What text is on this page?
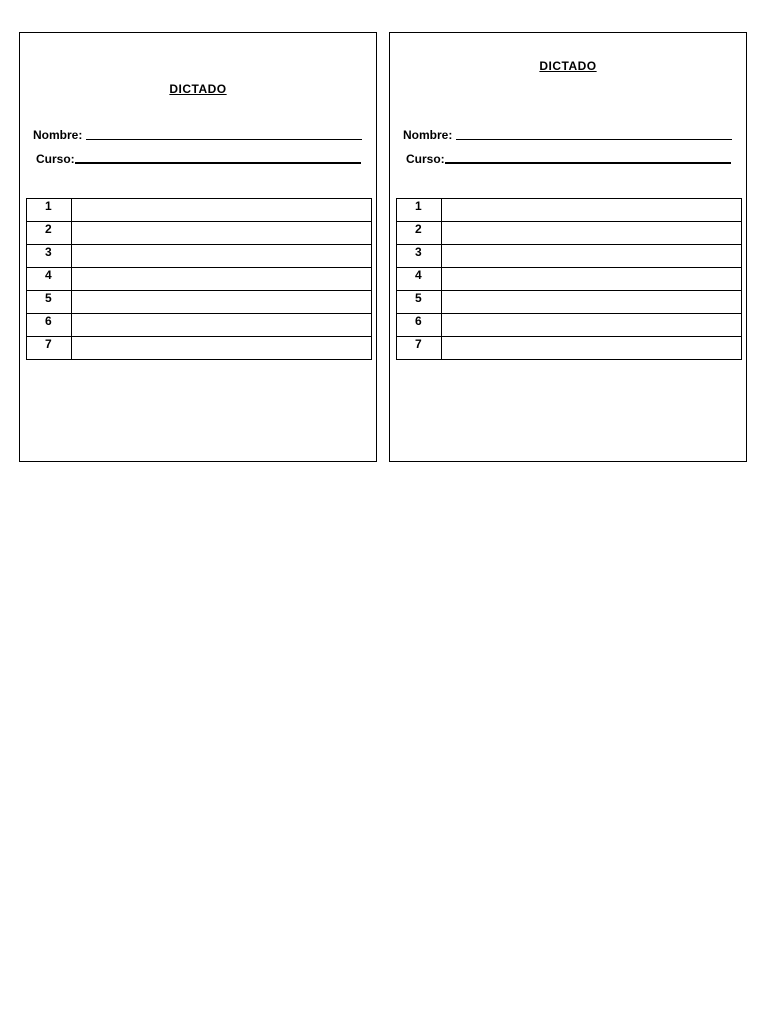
DICTADO
Nombre:
Curso:
1	
2	
3	
4	
5	
6	
7	
DICTADO
Nombre:
Curso:
1	
2	
3	
4	
5	
6	
7	
